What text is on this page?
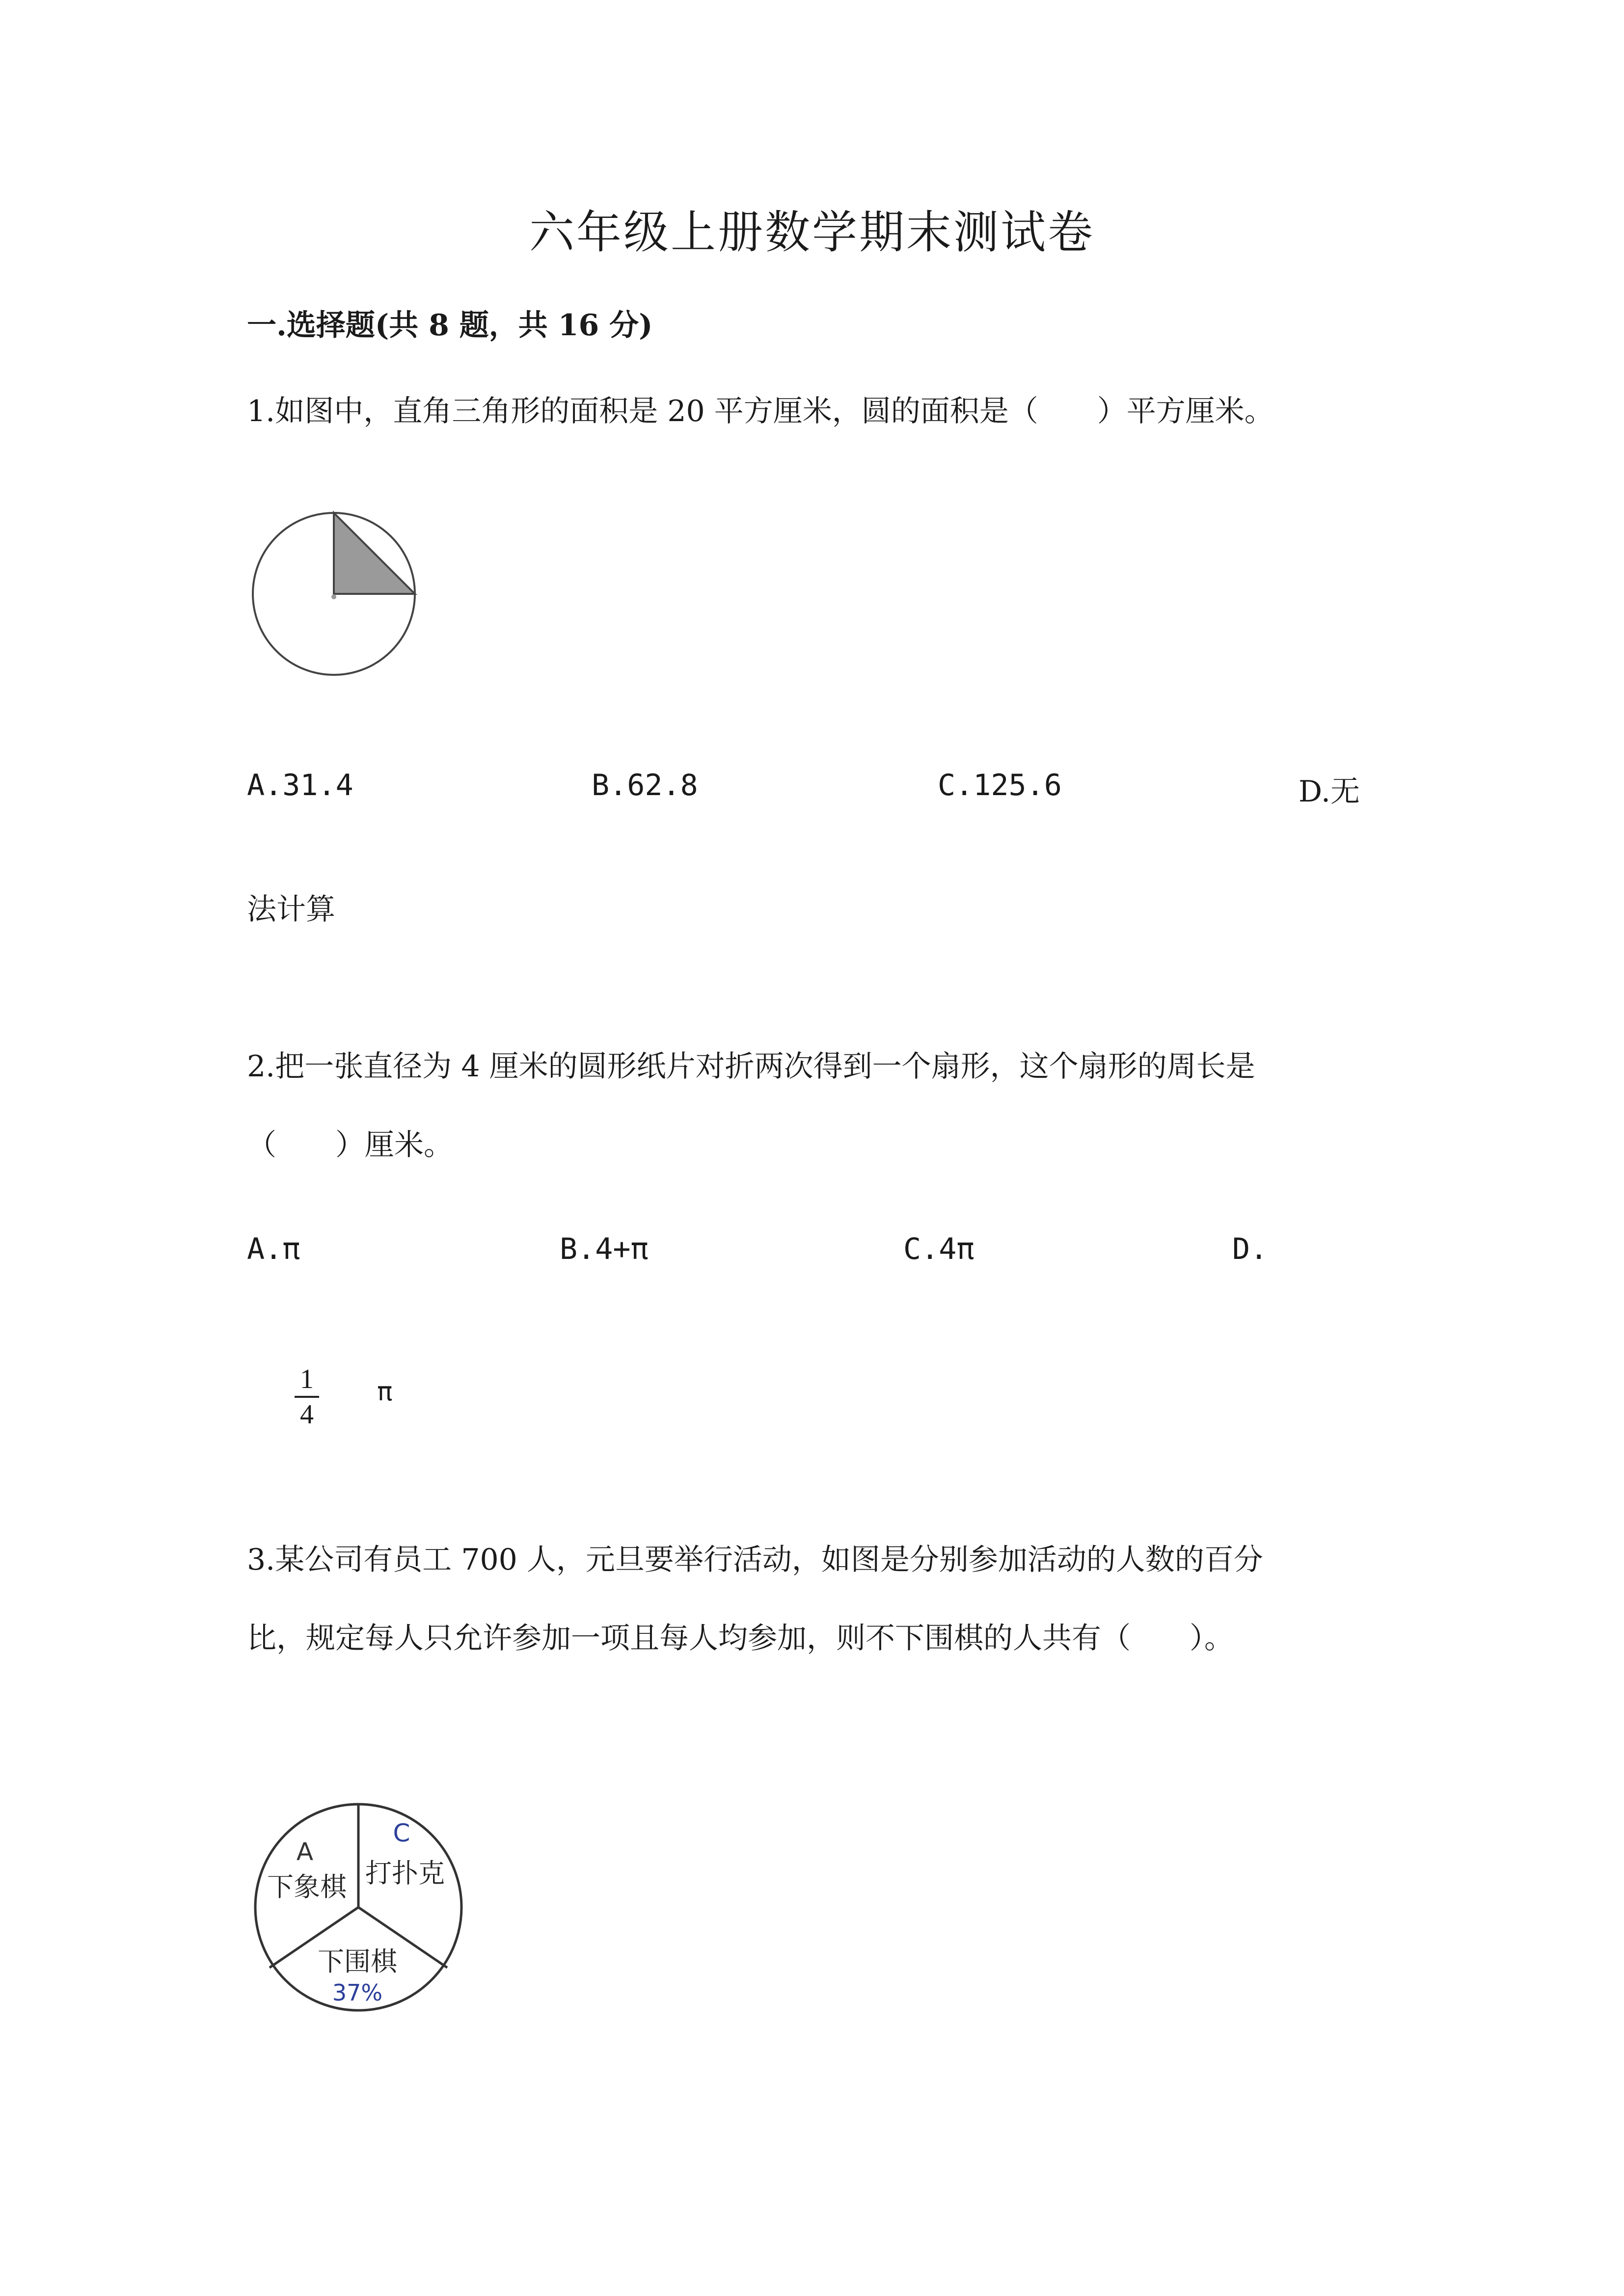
六年级上册数学期末测试卷
一.选择题(共 8 题，共 16 分)
1.如图中，直角三角形的面积是 20 平方厘米，圆的面积是（　　）平方厘米。
A.31.4	B.62.8	C.125.6	D.无
法计算
2.把一张直径为 4 厘米的圆形纸片对折两次得到一个扇形，这个扇形的周长是
（　　）厘米。
A.π	B.4+π	C.4π	D.
1
4
π
3.某公司有员工 700 人，元旦要举行活动，如图是分别参加活动的人数的百分
比，规定每人只允许参加一项且每人均参加，则不下围棋的人共有（　　）。
A
下象棋
C
打扑克
下围棋
37%
